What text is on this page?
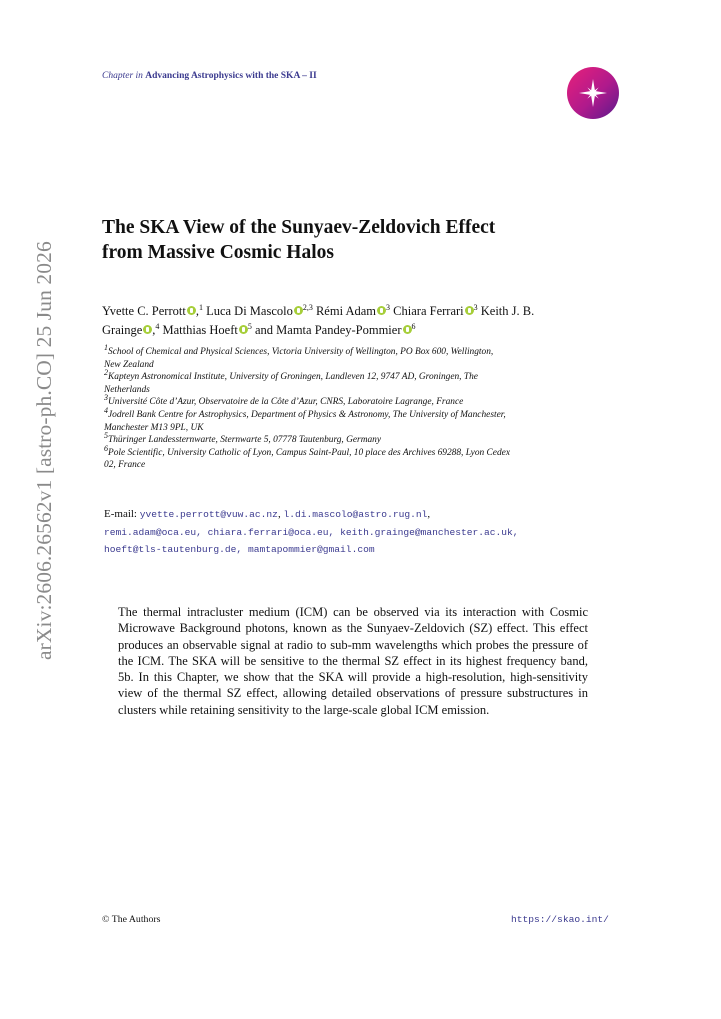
arXiv:2606.26562v1 [astro-ph.CO] 25 Jun 2026
Chapter in Advancing Astrophysics with the SKA – II
The SKA View of the Sunyaev-Zeldovich Effect
from Massive Cosmic Halos
Yvette C. Perrott ,$^1$ Luca Di Mascolo $^{2,3}$ Rémi Adam $^3$ Chiara Ferrari $^3$ Keith J. B.
Grainge ,$^4$ Matthias Hoeft $^5$ and Mamta Pandey-Pommier $^6$
$^1$School of Chemical and Physical Sciences, Victoria University of Wellington, PO Box 600, Wellington,
New Zealand
$^2$Kapteyn Astronomical Institute, University of Groningen, Landleven 12, 9747 AD, Groningen, The
Netherlands
$^3$Université Côte d’Azur, Observatoire de la Côte d’Azur, CNRS, Laboratoire Lagrange, France
$^4$Jodrell Bank Centre for Astrophysics, Department of Physics & Astronomy, The University of Manchester,
Manchester M13 9PL, UK
$^5$Thüringer Landessternwarte, Sternwarte 5, 07778 Tautenburg, Germany
$^6$Pole Scientific, University Catholic of Lyon, Campus Saint-Paul, 10 place des Archives 69288, Lyon Cedex
02, France
E-mail: yvette.perrott@vuw.ac.nz, l.di.mascolo@astro.rug.nl,
remi.adam@oca.eu, chiara.ferrari@oca.eu, keith.grainge@manchester.ac.uk,
hoeft@tls-tautenburg.de, mamtapommier@gmail.com
The thermal intracluster medium (ICM) can be observed via its interaction with Cosmic Microwave Background photons, known as the Sunyaev-Zeldovich (SZ) effect. This effect produces an observable signal at radio to sub-mm wavelengths which probes the pressure of the ICM. The SKA will be sensitive to the thermal SZ effect in its highest frequency band, 5b. In this Chapter, we show that the SKA will provide a high-resolution, high-sensitivity view of the thermal SZ effect, allowing detailed observations of pressure substructures in clusters while retaining sensitivity to the large-scale global ICM emission.
© The Authors	https://skao.int/
